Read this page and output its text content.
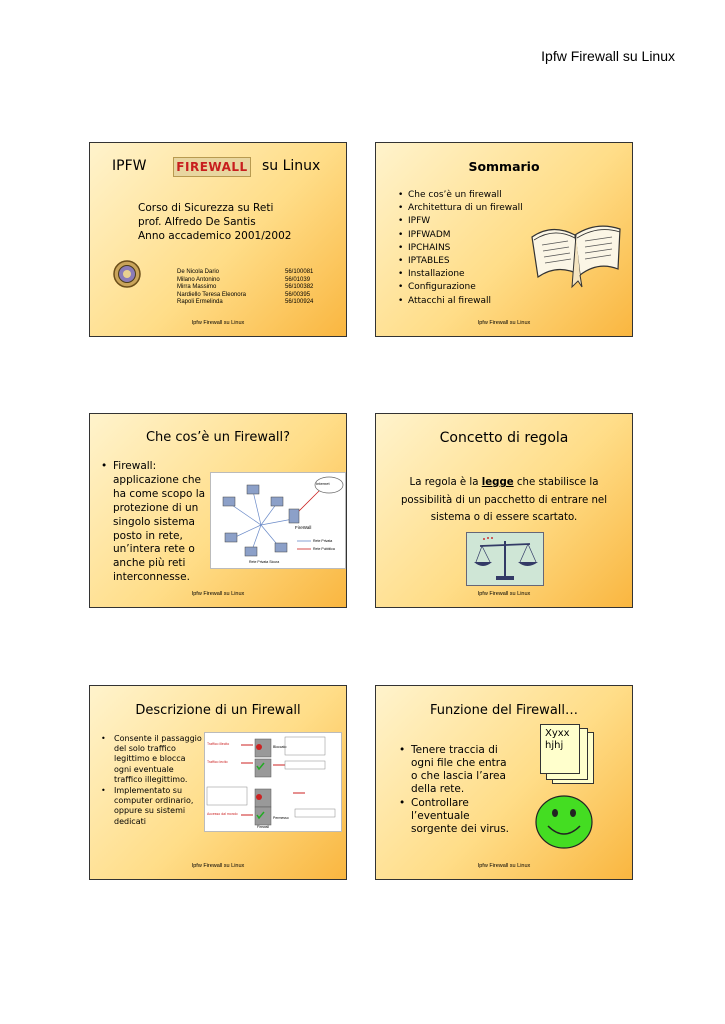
Ipfw Firewall su Linux
IPFW FIREWALL su Linux
Corso di Sicurezza su Reti
prof. Alfredo De Santis
Anno accademico 2001/2002
De Nicola Dario	56/100081
Milano Antonino	56/01039
Mirra Massimo	56/100382
Nardiello Teresa Eleonora	56/00395
Rapoli Ermelinda	56/100924
Ipfw Firewall su Linux
Sommario
• Che cos’è un firewall
• Architettura di un firewall
• IPFW
• IPFWADM
• IPCHAINS
• IPTABLES
• Installazione
• Configurazione
• Attacchi al firewall
Ipfw Firewall su Linux
Che cos’è un Firewall?
• Firewall:
applicazione che
ha come scopo la
protezione di un
singolo sistema
posto in rete,
un’intera rete o
anche più reti
interconnesse.
Internet
FireWall
Rete Privata
Rete Pubblica
Rete Privata Sicura
Ipfw Firewall su Linux
Concetto di regola
La regola è la legge che stabilisce la possibilità di un pacchetto di entrare nel sistema o di essere scartato.
Ipfw Firewall su Linux
Descrizione di un Firewall
• Consente il passaggio
del solo traffico
legittimo e blocca
ogni eventuale
traffico illegittimo.
• Implementato su
computer ordinario,
oppure su sistemi
dedicati
Traffico illecito
Traffico lecito
Accesso dal mondo
Bloccato
Permesso
Firewall
Ipfw Firewall su Linux
Funzione del Firewall…
• Tenere traccia di
ogni file che entra
o che lascia l’area
della rete.
• Controllare
l’eventuale
sorgente dei virus.
Xyxx
hjhj
Ipfw Firewall su Linux
